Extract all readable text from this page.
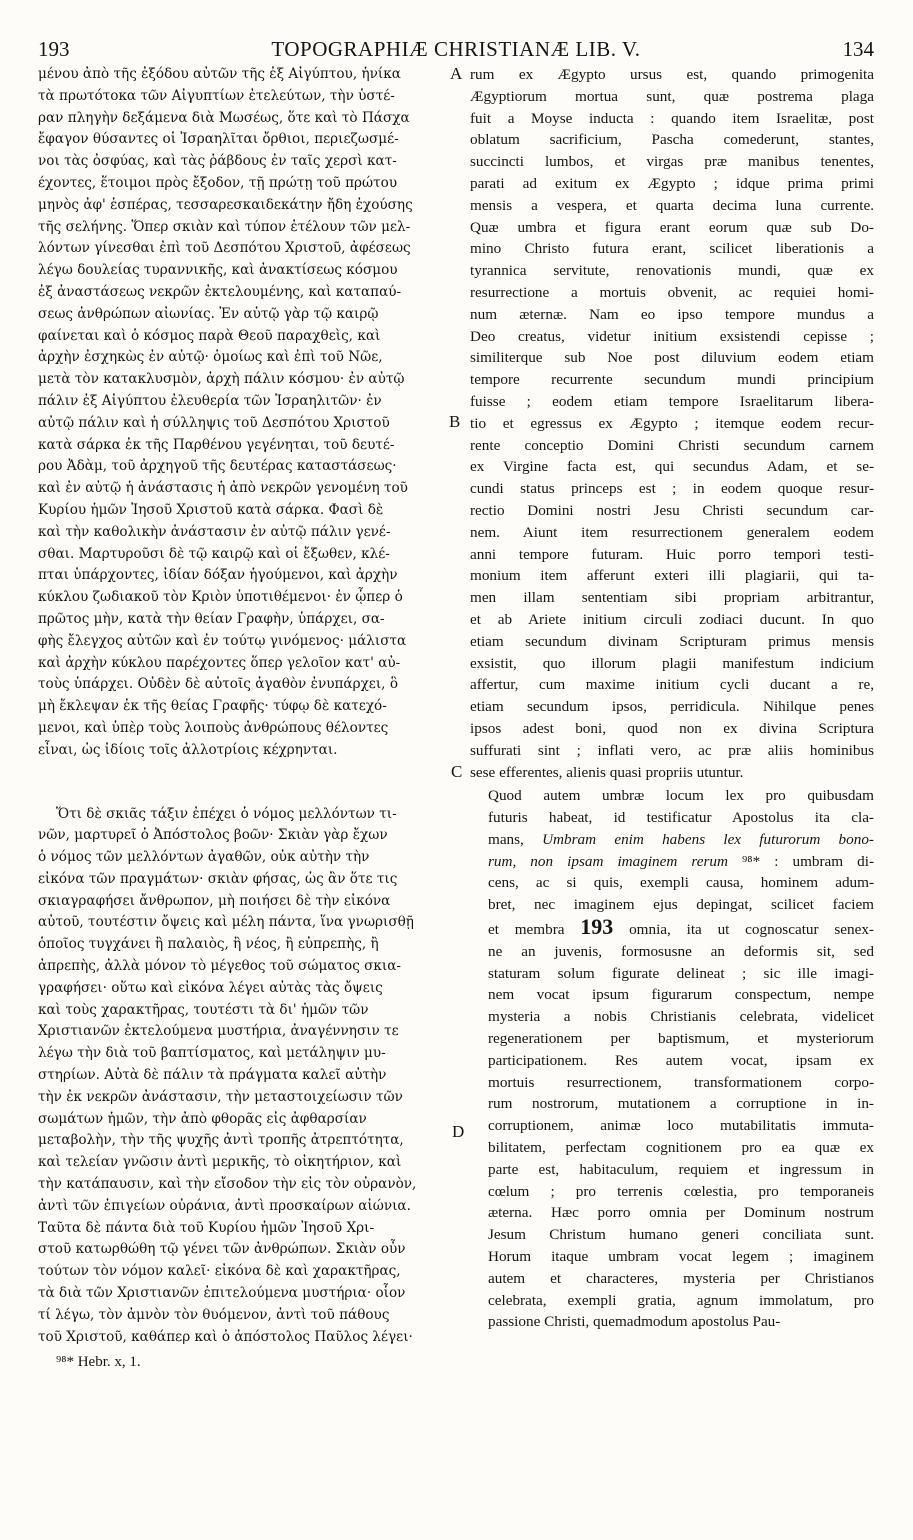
193	TOPOGRAPHIÆ CHRISTIANÆ LIB. V.	134
μένου ἀπὸ τῆς ἐξόδου αὐτῶν τῆς ἐξ Αἰγύπτου, ἡνίκα
τὰ πρωτότοκα τῶν Αἰγυπτίων ἐτελεύτων, τὴν ὑστέ-
ραν πληγὴν δεξάμενα διὰ Μωσέως, ὅτε καὶ τὸ Πάσχα
ἔφαγον θύσαντες οἱ Ἰσραηλῖται ὄρθιοι, περιεζωσμέ-
νοι τὰς ὀσφύας, καὶ τὰς ῥάβδους ἐν ταῖς χερσὶ κατ-
έχοντες, ἕτοιμοι πρὸς ἔξοδον, τῇ πρώτῃ τοῦ πρώτου
μηνὸς ἀφ' ἑσπέρας, τεσσαρεσκαιδεκάτην ἤδη ἐχούσης
τῆς σελήνης. Ὅπερ σκιὰν καὶ τύπον ἐτέλουν τῶν μελ-
λόντων γίνεσθαι ἐπὶ τοῦ Δεσπότου Χριστοῦ, ἀφέσεως
λέγω δουλείας τυραννικῆς, καὶ ἀνακτίσεως κόσμου
ἐξ ἀναστάσεως νεκρῶν ἐκτελουμένης, καὶ καταπαύ-
σεως ἀνθρώπων αἰωνίας. Ἐν αὐτῷ γὰρ τῷ καιρῷ
φαίνεται καὶ ὁ κόσμος παρὰ Θεοῦ παραχθεὶς, καὶ
ἀρχὴν ἐσχηκὼς ἐν αὐτῷ· ὁμοίως καὶ ἐπὶ τοῦ Νῶε,
μετὰ τὸν κατακλυσμὸν, ἀρχὴ πάλιν κόσμου· ἐν αὐτῷ
πάλιν ἐξ Αἰγύπτου ἐλευθερία τῶν Ἰσραηλιτῶν· ἐν
αὐτῷ πάλιν καὶ ἡ σύλληψις τοῦ Δεσπότου Χριστοῦ
κατὰ σάρκα ἐκ τῆς Παρθένου γεγένηται, τοῦ δευτέ-
ρου Ἀδὰμ, τοῦ ἀρχηγοῦ τῆς δευτέρας καταστάσεως·
καὶ ἐν αὐτῷ ἡ ἀνάστασις ἡ ἀπὸ νεκρῶν γενομένη τοῦ
Κυρίου ἡμῶν Ἰησοῦ Χριστοῦ κατὰ σάρκα. Φασὶ δὲ
καὶ τὴν καθολικὴν ἀνάστασιν ἐν αὐτῷ πάλιν γενέ-
σθαι. Μαρτυροῦσι δὲ τῷ καιρῷ καὶ οἱ ἔξωθεν, κλέ-
πται ὑπάρχοντες, ἰδίαν δόξαν ἡγούμενοι, καὶ ἀρχὴν
κύκλου ζωδιακοῦ τὸν Κριὸν ὑποτιθέμενοι· ἐν ᾧπερ ὁ
πρῶτος μὴν, κατὰ τὴν θείαν Γραφὴν, ὑπάρχει, σα-
φὴς ἔλεγχος αὐτῶν καὶ ἐν τούτῳ γινόμενος· μάλιστα
καὶ ἀρχὴν κύκλου παρέχοντες ὅπερ γελοῖον κατ' αὐ-
τοὺς ὑπάρχει. Οὐδὲν δὲ αὐτοῖς ἀγαθὸν ἐνυπάρχει, ὃ
μὴ ἔκλεψαν ἐκ τῆς θείας Γραφῆς· τύφῳ δὲ κατεχό-
μενοι, καὶ ὑπὲρ τοὺς λοιποὺς ἀνθρώπους θέλοντες
εἶναι, ὡς ἰδίοις τοῖς ἀλλοτρίοις κέχρηνται.
Ὅτι δὲ σκιᾶς τάξιν ἐπέχει ὁ νόμος μελλόντων τι-
νῶν, μαρτυρεῖ ὁ Ἀπόστολος βοῶν· Σκιὰν γὰρ ἔχων
ὁ νόμος τῶν μελλόντων ἀγαθῶν, οὐκ αὐτὴν τὴν
εἰκόνα τῶν πραγμάτων· σκιὰν φήσας, ὡς ἂν ὅτε τις
σκιαγραφήσει ἄνθρωπον, μὴ ποιήσει δὲ τὴν εἰκόνα
αὐτοῦ, τουτέστιν ὄψεις καὶ μέλη πάντα, ἵνα γνωρισθῇ
ὁποῖος τυγχάνει ἢ παλαιὸς, ἢ νέος, ἢ εὐπρεπὴς, ἢ
ἀπρεπὴς, ἀλλὰ μόνον τὸ μέγεθος τοῦ σώματος σκια-
γραφήσει· οὕτω καὶ εἰκόνα λέγει αὐτὰς τὰς ὄψεις
καὶ τοὺς χαρακτῆρας, τουτέστι τὰ δι' ἡμῶν τῶν
Χριστιανῶν ἐκτελούμενα μυστήρια, ἀναγέννησιν τε
λέγω τὴν διὰ τοῦ βαπτίσματος, καὶ μετάληψιν μυ-
στηρίων. Αὐτὰ δὲ πάλιν τὰ πράγματα καλεῖ αὐτὴν
τὴν ἐκ νεκρῶν ἀνάστασιν, τὴν μεταστοιχείωσιν τῶν
σωμάτων ἡμῶν, τὴν ἀπὸ φθορᾶς εἰς ἀφθαρσίαν
μεταβολὴν, τὴν τῆς ψυχῆς ἀντὶ τροπῆς ἀτρεπτότητα,
καὶ τελείαν γνῶσιν ἀντὶ μερικῆς, τὸ οἰκητήριον, καὶ
τὴν κατάπαυσιν, καὶ τὴν εἴσοδον τὴν εἰς τὸν οὐρανὸν,
ἀντὶ τῶν ἐπιγείων οὐράνια, ἀντὶ προσκαίρων αἰώνια.
Ταῦτα δὲ πάντα διὰ τοῦ Κυρίου ἡμῶν Ἰησοῦ Χρι-
στοῦ κατωρθώθη τῷ γένει τῶν ἀνθρώπων. Σκιὰν οὖν
τούτων τὸν νόμον καλεῖ· εἰκόνα δὲ καὶ χαρακτῆρας,
τὰ διὰ τῶν Χριστιανῶν ἐπιτελούμενα μυστήρια· οἷον
τί λέγω, τὸν ἀμνὸν τὸν θυόμενον, ἀντὶ τοῦ πάθους
τοῦ Χριστοῦ, καθάπερ καὶ ὁ ἀπόστολος Παῦλος λέγει·
⁹⁸* Hebr. x, 1.
rum ex Ægypto ursus est, quando primogenita
Ægyptiorum mortua sunt, quæ postrema plaga
fuit a Moyse inducta : quando item Israelitæ, post
oblatum sacrificium, Pascha comederunt, stantes,
succincti lumbos, et virgas præ manibus tenentes,
parati ad exitum ex Ægypto ; idque prima primi
mensis a vespera, et quarta decima luna currente.
Quæ umbra et figura erant eorum quæ sub Do-
mino Christo futura erant, scilicet liberationis a
tyrannica servitute, renovationis mundi, quæ ex
resurrectione a mortuis obvenit, ac requiei homi-
num æternæ. Nam eo ipso tempore mundus a
Deo creatus, videtur initium exsistendi cepisse ;
similiterque sub Noe post diluvium eodem etiam
tempore recurrente secundum mundi principium
fuisse ; eodem etiam tempore Israelitarum libera-
tio et egressus ex Ægypto ; itemque eodem recur-
rente conceptio Domini Christi secundum carnem
ex Virgine facta est, qui secundus Adam, et se-
cundi status princeps est ; in eodem quoque resur-
rectio Domini nostri Jesu Christi secundum car-
nem. Aiunt item resurrectionem generalem eodem
anni tempore futuram. Huic porro tempori testi-
monium item afferunt exteri illi plagiarii, qui ta-
men illam sententiam sibi propriam arbitrantur,
et ab Ariete initium circuli zodiaci ducunt. In quo
etiam secundum divinam Scripturam primus mensis
exsistit, quo illorum plagii manifestum indicium
affertur, cum maxime initium cycli ducant a re,
etiam secundum ipsos, perridicula. Nihilque penes
ipsos adest boni, quod non ex divina Scriptura
suffurati sint ; inflati vero, ac præ aliis hominibus
sese efferentes, alienis quasi propriis utuntur.
Quod autem umbræ locum lex pro quibusdam
futuris habeat, id testificatur Apostolus ita cla-
mans, Umbram enim habens lex futurorum bono-
rum, non ipsam imaginem rerum ⁹⁸* : umbram di-
cens, ac si quis, exempli causa, hominem adum-
bret, nec imaginem ejus depingat, scilicet faciem
et membra 193 omnia, ita ut cognoscatur senex-
ne an juvenis, formosusne an deformis sit, sed
staturam solum figurate delineat ; sic ille imagi-
nem vocat ipsum figurarum conspectum, nempe
mysteria a nobis Christianis celebrata, videlicet
regenerationem per baptismum, et mysteriorum
participationem. Res autem vocat, ipsam ex
mortuis resurrectionem, transformationem corpo-
rum nostrorum, mutationem a corruptione in in-
corruptionem, animæ loco mutabilitatis immuta-
bilitatem, perfectam cognitionem pro ea quæ ex
parte est, habitaculum, requiem et ingressum in
cœlum ; pro terrenis cœlestia, pro temporaneis
æterna. Hæc porro omnia per Dominum nostrum
Jesum Christum humano generi conciliata sunt.
Horum itaque umbram vocat legem ; imaginem
autem et characteres, mysteria per Christianos
celebrata, exempli gratia, agnum immolatum, pro
passione Christi, quemadmodum apostolus Pau-
A
B
C
D
